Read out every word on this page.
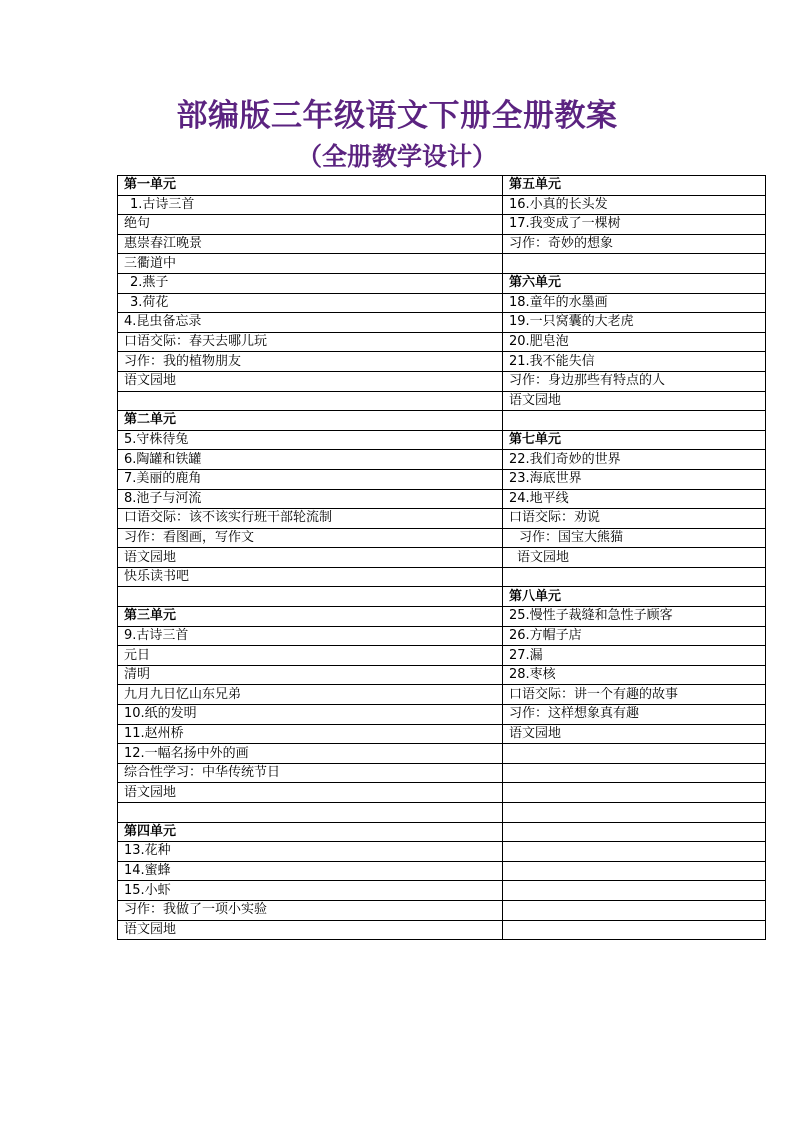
部编版三年级语文下册全册教案
（全册教学设计）
第一单元	第五单元
1.古诗三首	16.小真的长头发
绝句	17.我变成了一棵树
惠崇春江晚景	习作：奇妙的想象
三衢道中	
2.燕子	第六单元
3.荷花	18.童年的水墨画
4.昆虫备忘录	19.一只窝囊的大老虎
口语交际：春天去哪儿玩	20.肥皂泡
习作：我的植物朋友	21.我不能失信
语文园地	习作：身边那些有特点的人
	语文园地
第二单元	
5.守株待兔	第七单元
6.陶罐和铁罐	22.我们奇妙的世界
7.美丽的鹿角	23.海底世界
8.池子与河流	24.地平线
口语交际：该不该实行班干部轮流制	口语交际：劝说
习作：看图画，写作文	习作：国宝大熊猫
语文园地	语文园地
快乐读书吧	
	第八单元
第三单元	25.慢性子裁缝和急性子顾客
9.古诗三首	26.方帽子店
元日	27.漏
清明	28.枣核
九月九日忆山东兄弟	口语交际：讲一个有趣的故事
10.纸的发明	习作：这样想象真有趣
11.赵州桥	语文园地
12.一幅名扬中外的画	
综合性学习：中华传统节日	
语文园地	

第四单元	
13.花种	
14.蜜蜂	
15.小虾	
习作：我做了一项小实验	
语文园地	
